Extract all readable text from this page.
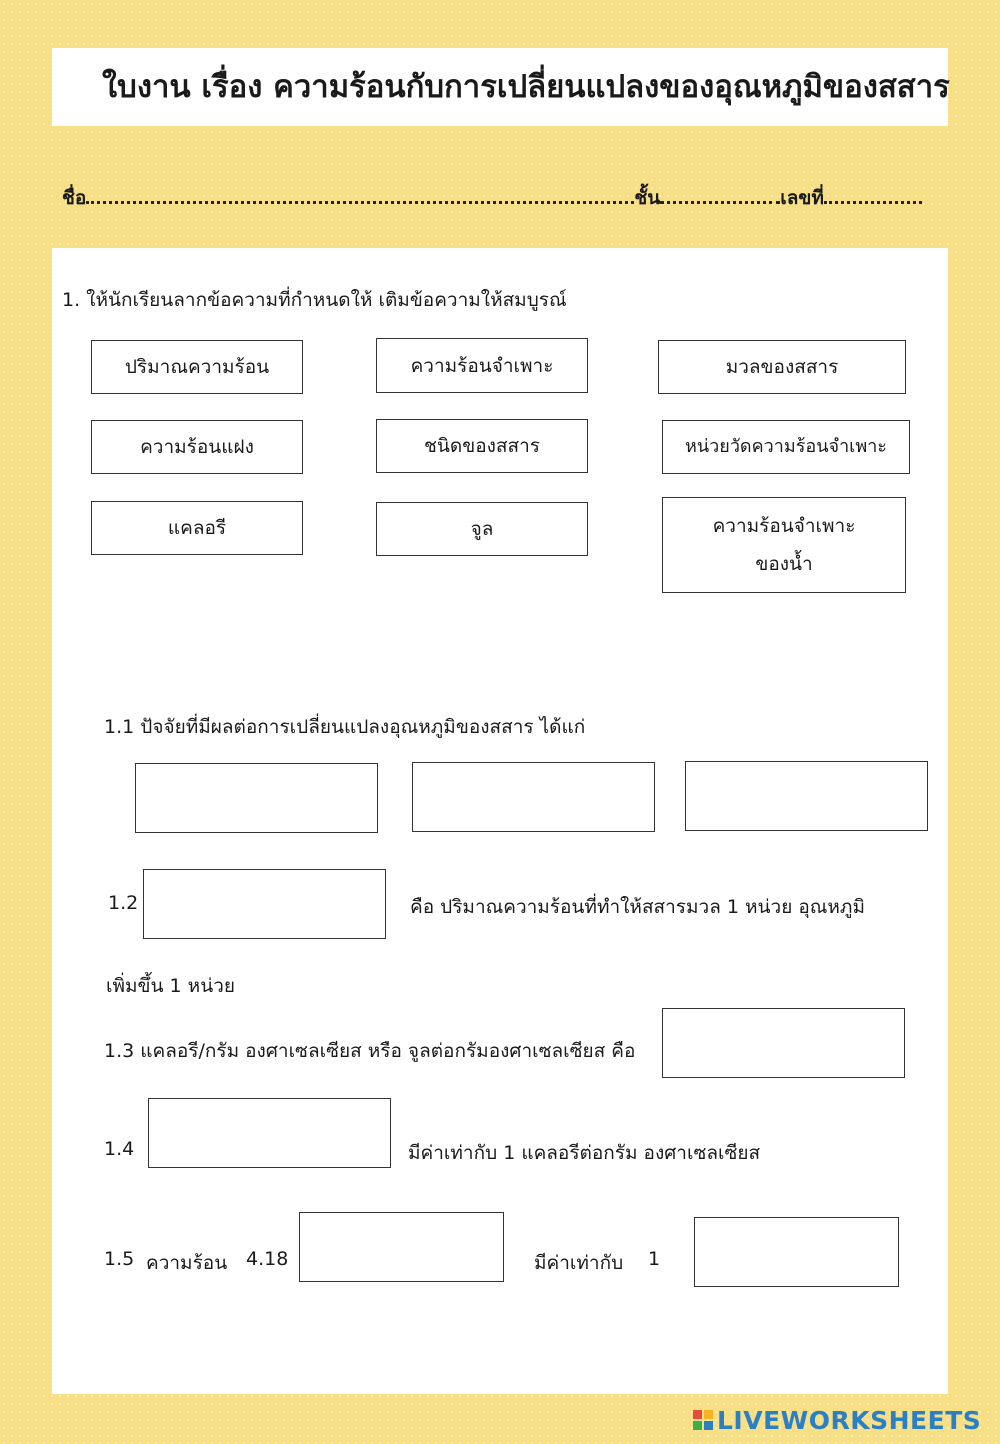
ใบงาน เรื่อง ความร้อนกับการเปลี่ยนแปลงของอุณหภูมิของสสาร
ชื่อ	ชั้น	เลขที่
1. ให้นักเรียนลากข้อความที่กำหนดให้ เติมข้อความให้สมบูรณ์
ปริมาณความร้อน	ความร้อนจำเพาะ	มวลของสสาร
ความร้อนแฝง	ชนิดของสสาร	หน่วยวัดความร้อนจำเพาะ
แคลอรี	จูล	ความร้อนจำเพาะ
ของน้ำ
1.1 ปัจจัยที่มีผลต่อการเปลี่ยนแปลงอุณหภูมิของสสาร ได้แก่
1.2	คือ ปริมาณความร้อนที่ทำให้สสารมวล 1 หน่วย อุณหภูมิ
เพิ่มขึ้น 1 หน่วย
1.3 แคลอรี/กรัม องศาเซลเซียส หรือ จูลต่อกรัมองศาเซลเซียส คือ
1.4	มีค่าเท่ากับ 1 แคลอรีต่อกรัม องศาเซลเซียส
1.5 ความร้อน 4.18	มีค่าเท่ากับ 1
LIVEWORKSHEETS
